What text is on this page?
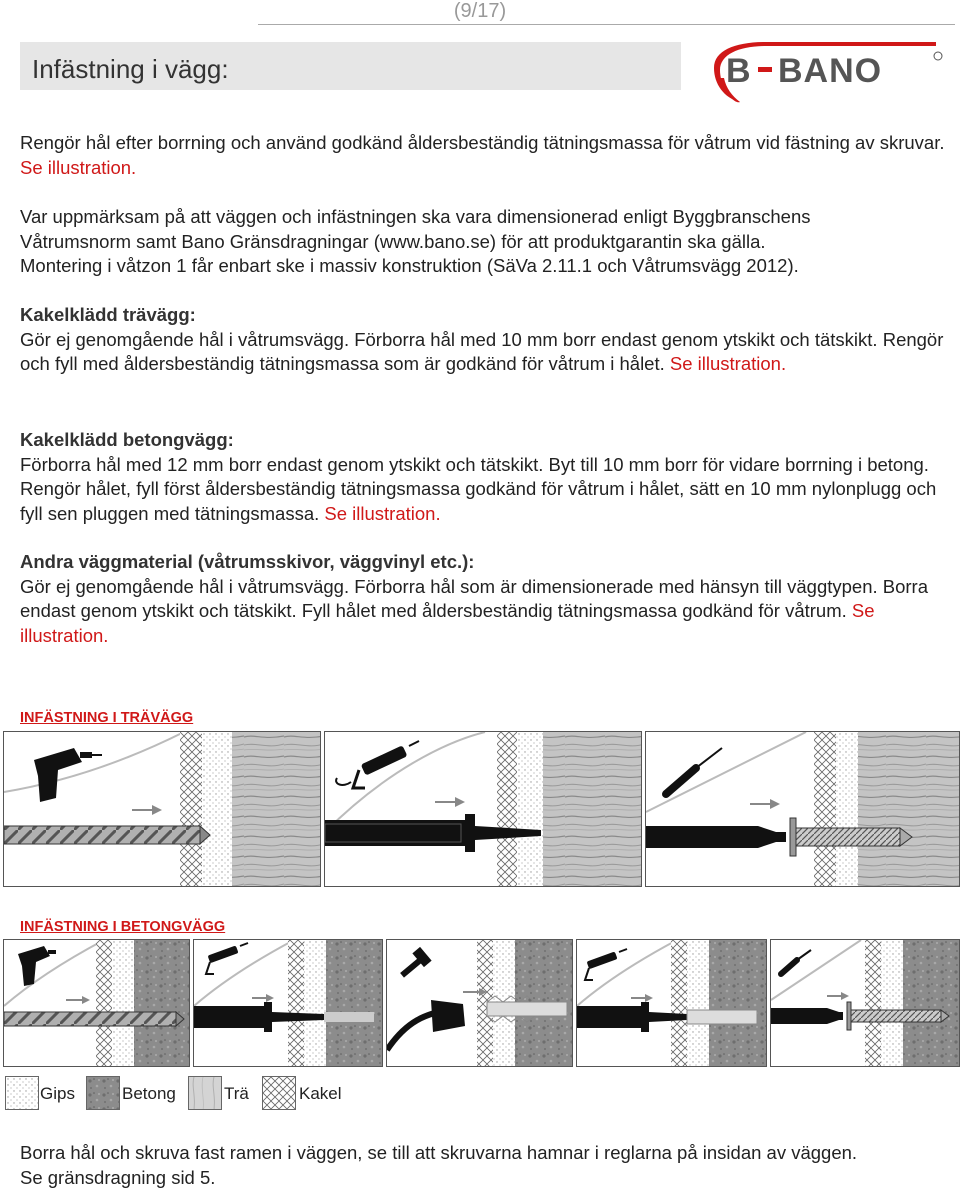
(9/17)
Infästning i vägg:	B BANO
Rengör hål efter borrning och använd godkänd åldersbeständig tätningsmassa för våtrum vid fästning av skruvar. Se illustration.
Var uppmärksam på att väggen och infästningen ska vara dimensionerad enligt Byggbranschens
Våtrumsnorm samt Bano Gränsdragningar (www.bano.se) för att produktgarantin ska gälla.
Montering i våtzon 1 får enbart ske i massiv konstruktion (SäVa 2.11.1 och Våtrumsvägg 2012).
Kakelklädd trävägg:
Gör ej genomgående hål i våtrumsvägg. Förborra hål med 10 mm borr endast genom ytskikt och tätskikt. Rengör och fyll med åldersbeständig tätningsmassa som är godkänd för våtrum i hålet. Se illustration.
Kakelklädd betongvägg:
Förborra hål med 12 mm borr endast genom ytskikt och tätskikt. Byt till 10 mm borr för vidare borrning i betong. Rengör hålet, fyll först åldersbeständig tätningsmassa godkänd för våtrum i hålet, sätt en 10 mm nylonplugg och fyll sen pluggen med tätningsmassa. Se illustration.
Andra väggmaterial (våtrumsskivor, väggvinyl etc.):
Gör ej genomgående hål i våtrumsvägg. Förborra hål som är dimensionerade med hänsyn till väggtypen. Borra endast genom ytskikt och tätskikt. Fyll hålet med åldersbeständig tätningsmassa godkänd för våtrum. Se illustration.
INFÄSTNING I TRÄVÄGG
INFÄSTNING I BETONGVÄGG
Gips	Betong	Trä	Kakel
Borra hål och skruva fast ramen i väggen, se till att skruvarna hamnar i reglarna på insidan av väggen.
Se gränsdragning sid 5.
